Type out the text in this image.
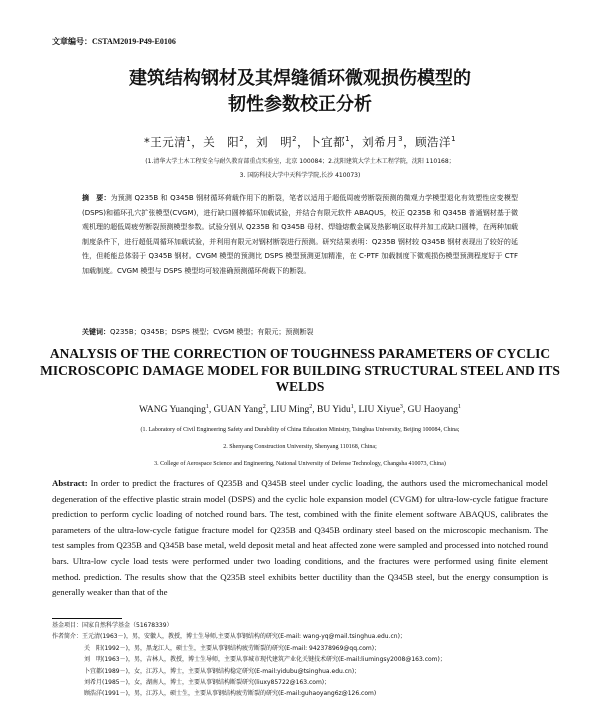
文章编号：CSTAM2019-P49-E0106
建筑结构钢材及其焊缝循环微观损伤模型的
韧性参数校正分析
*王元清$^1$，关　阳$^2$，刘　明$^2$，卜宜都$^1$，刘希月$^3$，顾浩洋$^1$
(1.清华大学土木工程安全与耐久教育部重点实验室，北京 100084；2.沈阳建筑大学土木工程学院，沈阳 110168；
3. 国防科技大学中天科学学院,长沙 410073)
摘　要：为预测 Q235B 和 Q345B 钢材循环荷载作用下的断裂，笔者以适用于超低周疲劳断裂预测的微观力学模型退化有效塑性应变模型(DSPS)和循环孔穴扩张模型(CVGM)，进行缺口圆棒循环加载试验，并结合有限元软件 ABAQUS，校正 Q235B 和 Q345B 普通钢材基于微观机理的超低周疲劳断裂预测模型参数。试验分别从 Q235B 和 Q345B 母材、焊缝熔敷金属及热影响区取样并加工成缺口圆棒，在两种加载制度条件下，进行超低周循环加载试验，并利用有限元对钢材断裂进行预测。研究结果表明：Q235B 钢材较 Q345B 钢材表现出了较好的延性，但耗能总体弱于 Q345B 钢材。CVGM 模型的预测比 DSPS 模型预测更加精准，在 C-PTF 加载制度下微观损伤模型预测程度好于 CTF 加载制度。CVGM 模型与 DSPS 模型均可较准确预测循环荷载下的断裂。
关键词：Q235B；Q345B；DSPS 模型；CVGM 模型；有限元；预测断裂
ANALYSIS OF THE CORRECTION OF TOUGHNESS PARAMETERS OF CYCLIC MICROSCOPIC DAMAGE MODEL FOR BUILDING STRUCTURAL STEEL AND ITS WELDS
WANG Yuanqing$^1$, GUAN Yang$^2$, LIU Ming$^2$, BU Yidu$^1$, LIU Xiyue$^3$, GU Haoyang$^1$
(1. Laboratory of Civil Engineering Safety and Durability of China Education Ministry, Tsinghua University, Beijing 100084, China;
2. Shenyang Construction University, Shenyang 110168, China;
3. College of Aerospace Science and Engineering, National University of Defense Technology, Changsha 410073, China)
Abstract: In order to predict the fractures of Q235B and Q345B steel under cyclic loading, the authors used the micromechanical model degeneration of the effective plastic strain model (DSPS) and the cyclic hole expansion model (CVGM) for ultra-low-cycle fatigue fracture prediction to perform cyclic loading of notched round bars. The test, combined with the finite element software ABAQUS, calibrates the parameters of the ultra-low-cycle fatigue fracture model for Q235B and Q345B ordinary steel based on the microscopic mechanism. The test samples from Q235B and Q345B base metal, weld deposit metal and heat affected zone were sampled and processed into notched round bars. Ultra-low cycle load tests were performed under two loading conditions, and the fractures were performed using finite element method. prediction. The results show that the Q235B steel exhibits better ductility than the Q345B steel, but the energy consumption is generally weaker than that of the
基金项目：国家自然科学基金（51678339）
作者简介：王元清(1963－)，男，安徽人，教授，博士生导师,主要从事钢结构的研究(E-mail: wang-yq@mail.tsinghua.edu.cn)；
关　阳(1992－)，男，黑龙江人，硕士生，主要从事钢结构疲劳断裂的研究(E-mail: 942378969@qq.com)；
刘　明(1963－)，男，吉林人，教授，博士生导师，主要从事城市现代建筑产业化关键技术研究(E-mail:liumingsy2008@163.com)；
卜宜都(1989－)，女，江苏人，博士，主要从事钢结构稳定研究(E-mail:yidubu@tsinghua.edu.cn)；
刘希月(1985－)，女，湖南人，博士，主要从事钢结构断裂研究(liuxy85722@163.com)；
顾浩洋(1991－)，男，江苏人，硕士生，主要从事钢结构疲劳断裂的研究(E-mail:guhaoyang6z@126.com)
